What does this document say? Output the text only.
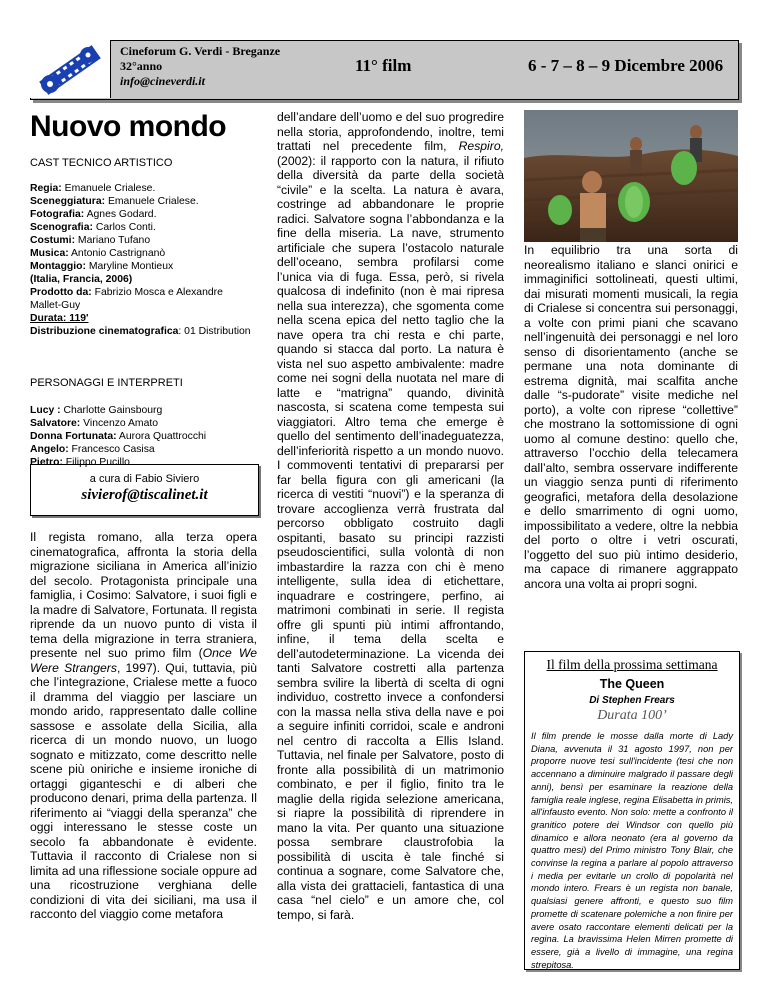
Cineforum G. Verdi - Breganze
32°anno
info@cineverdi.it
11° film	6 - 7 – 8 – 9 Dicembre 2006
Nuovo mondo
CAST TECNICO ARTISTICO
Regia: Emanuele Crialese.
Sceneggiatura: Emanuele Crialese.
Fotografia: Agnes Godard.
Scenografia: Carlos Conti.
Costumi: Mariano Tufano
Musica: Antonio Castrignanò
Montaggio: Maryline Montieux
(Italia, Francia, 2006)
Prodotto da: Fabrizio Mosca e Alexandre Mallet-Guy
Durata: 119'
Distribuzione cinematografica: 01 Distribution
PERSONAGGI E INTERPRETI
Lucy : Charlotte Gainsbourg
Salvatore: Vincenzo Amato
Donna Fortunata: Aurora Quattrocchi
Angelo: Francesco Casisa
Pietro: Filippo Pucillo
a cura di Fabio Siviero
sivierof@tiscalinet.it
Il regista romano, alla terza opera cinematografica, affronta la storia della migrazione siciliana in America all’inizio del secolo. Protagonista principale una famiglia, i Cosimo: Salvatore, i suoi figli e la madre di Salvatore, Fortunata. Il regista riprende da un nuovo punto di vista il tema della migrazione in terra straniera, presente nel suo primo film (Once We Were Strangers, 1997). Qui, tuttavia, più che l’integrazione, Crialese mette a fuoco il dramma del viaggio per lasciare un mondo arido, rappresentato dalle colline sassose e assolate della Sicilia, alla ricerca di un mondo nuovo, un luogo sognato e mitizzato, come descritto nelle scene più oniriche e insieme ironiche di ortaggi giganteschi e di alberi che producono denari, prima della partenza. Il riferimento ai “viaggi della speranza” che oggi interessano le stesse coste un secolo fa abbandonate è evidente. Tuttavia il racconto di Crialese non si limita ad una riflessione sociale oppure ad una ricostruzione verghiana delle condizioni di vita dei siciliani, ma usa il racconto del viaggio come metafora
dell’andare dell’uomo e del suo progredire nella storia, approfondendo, inoltre, temi trattati nel precedente film, Respiro,(2002): il rapporto con la natura, il rifiuto della diversità da parte della società “civile” e la scelta. La natura è avara, costringe ad abbandonare le proprie radici. Salvatore sogna l’abbondanza e la fine della miseria. La nave, strumento artificiale che supera l’ostacolo naturale dell’oceano, sembra profilarsi come l’unica via di fuga. Essa, però, si rivela qualcosa di indefinito (non è mai ripresa nella sua interezza), che sgomenta come nella scena epica del netto taglio che la nave opera tra chi resta e chi parte, quando si stacca dal porto. La natura è vista nel suo aspetto ambivalente: madre come nei sogni della nuotata nel mare di latte e “matrigna” quando, divinità nascosta, si scatena come tempesta sui viaggiatori. Altro tema che emerge è quello del sentimento dell’inadeguatezza, dell’inferiorità rispetto a un mondo nuovo. I commoventi tentativi di prepararsi per far bella figura con gli americani (la ricerca di vestiti “nuovi”) e la speranza di trovare accoglienza verrà frustrata dal percorso obbligato costruito dagli ospitanti, basato su principi razzisti pseudoscientifici, sulla volontà di non imbastardire la razza con chi è meno intelligente, sulla idea di etichettare, inquadrare e costringere, perfino, ai matrimoni combinati in serie. Il regista offre gli spunti più intimi affrontando, infine, il tema della scelta e dell’autodeterminazione. La vicenda dei tanti Salvatore costretti alla partenza sembra svilire la libertà di scelta di ogni individuo, costretto invece a confondersi con la massa nella stiva della nave e poi a seguire infiniti corridoi, scale e androni nel centro di raccolta a Ellis Island. Tuttavia, nel finale per Salvatore, posto di fronte alla possibilità di un matrimonio combinato, e per il figlio, finito tra le maglie della rigida selezione americana, si riapre la possibilità di riprendere in mano la vita. Per quanto una situazione possa sembrare claustrofobia la possibilità di uscita è tale finché si continua a sognare, come Salvatore che, alla vista dei grattacieli, fantastica di una casa “nel cielo” e un amore che, col tempo, si farà.
In equilibrio tra una sorta di neorealismo italiano e slanci onirici e immaginifici sottolineati, questi ultimi, dai misurati momenti musicali, la regia di Crialese si concentra sui personaggi, a volte con primi piani che scavano nell’ingenuità dei personaggi e nel loro senso di disorientamento (anche se permane una nota dominante di estrema dignità, mai scalfita anche dalle “s-pudorate” visite mediche nel porto), a volte con riprese “collettive” che mostrano la sottomissione di ogni uomo al comune destino: quello che, attraverso l’occhio della telecamera dall’alto, sembra osservare indifferente un viaggio senza punti di riferimento geografici, metafora della desolazione e dello smarrimento di ogni uomo, impossibilitato a vedere, oltre la nebbia del porto o oltre i vetri oscurati, l’oggetto del suo più intimo desiderio, ma capace di rimanere aggrappato ancora una volta ai propri sogni.
Il film della prossima settimana
The Queen
Di Stephen Frears
Durata 100’
Il film prende le mosse dalla morte di Lady Diana, avvenuta il 31 agosto 1997, non per proporre nuove tesi sull'incidente (tesi che non accennano a diminuire malgrado il passare degli anni), bensì per esaminare la reazione della famiglia reale inglese, regina Elisabetta in primis, all'infausto evento. Non solo: mette a confronto il granitico potere dei Windsor con quello più dinamico e allora neonato (era al governo da quattro mesi) del Primo ministro Tony Blair, che convinse la regina a parlare al popolo attraverso i media per evitarle un crollo di popolarità nel mondo intero. Frears è un regista non banale, qualsiasi genere affronti, e questo suo film promette di scatenare polemiche a non finire per avere osato raccontare elementi delicati per la regina. La bravissima Helen Mirren promette di essere, già a livello di immagine, una regina strepitosa.
